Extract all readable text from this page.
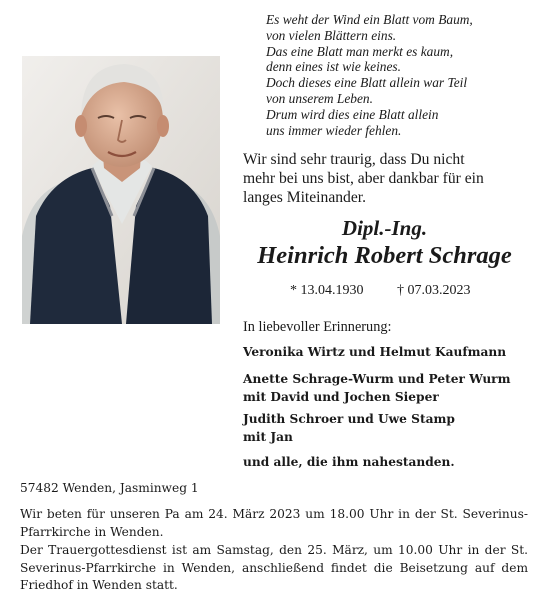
Es weht der Wind ein Blatt vom Baum,
von vielen Blättern eins.
Das eine Blatt man merkt es kaum,
denn eines ist wie keines.
Doch dieses eine Blatt allein war Teil
von unserem Leben.
Drum wird dies eine Blatt allein
uns immer wieder fehlen.
Wir sind sehr traurig, dass Du nicht
mehr bei uns bist, aber dankbar für ein
langes Miteinander.
Dipl.-Ing.
Heinrich Robert Schrage
* 13.04.1930 † 07.03.2023
In liebevoller Erinnerung:
Veronika Wirtz und Helmut Kaufmann
Anette Schrage-Wurm und Peter Wurm
mit David und Jochen Sieper
Judith Schroer und Uwe Stamp
mit Jan
und alle, die ihm nahestanden.
57482 Wenden, Jasminweg 1
Wir beten für unseren Pa am 24. März 2023 um 18.00 Uhr in der St. Severinus-Pfarrkirche in Wenden.
Der Trauergottesdienst ist am Samstag, den 25. März, um 10.00 Uhr in der St. Severinus-Pfarrkirche in Wenden, anschließend findet die Beisetzung auf dem Friedhof in Wenden statt.
